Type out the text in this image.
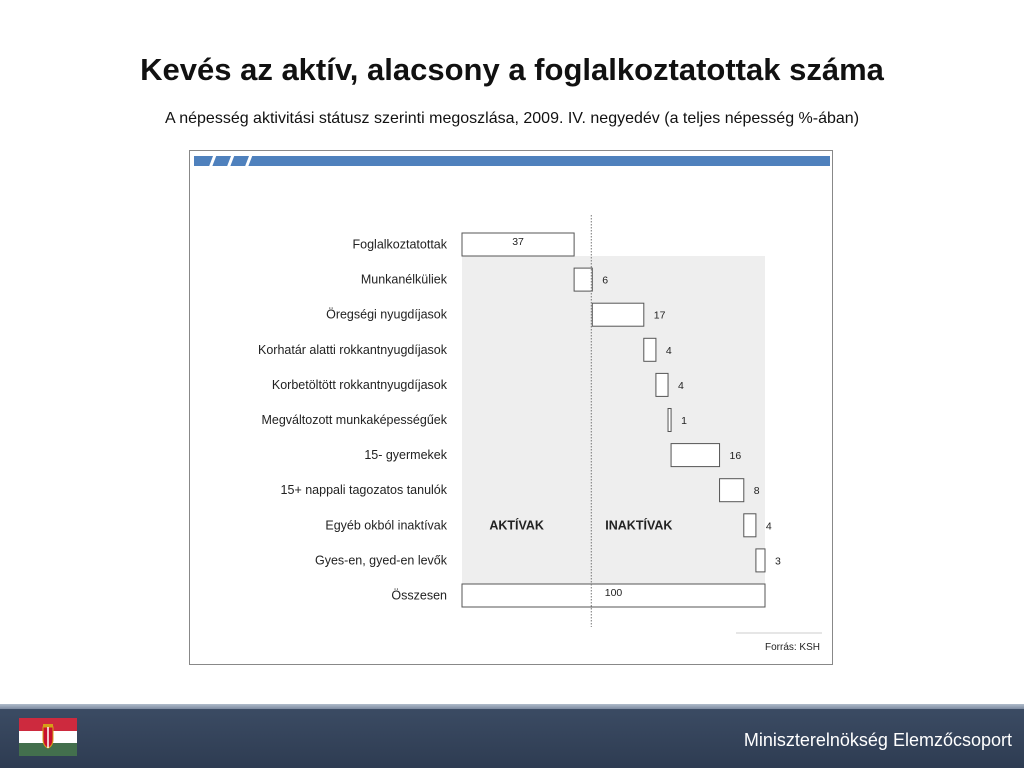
Kevés az aktív, alacsony a foglalkoztatottak száma

A népesség aktivitási státusz szerinti megoszlása, 2009. IV. negyedév (a teljes népesség %-ában)

Foglalkoztatottak	37
Munkanélküliek	6
Öregségi nyugdíjasok	17
Korhatár alatti rokkantnyugdíjasok	4
Korbetöltött rokkantnyugdíjasok	4
Megváltozott munkaképességűek	1
15- gyermekek	16
15+ nappali tagozatos tanulók	8
Egyéb okból inaktívak	4
Gyes-en, gyed-en levők	3
Összesen	100
AKTÍVAK	INAKTÍVAK
Forrás: KSH
Miniszterelnökség Elemzőcsoport
